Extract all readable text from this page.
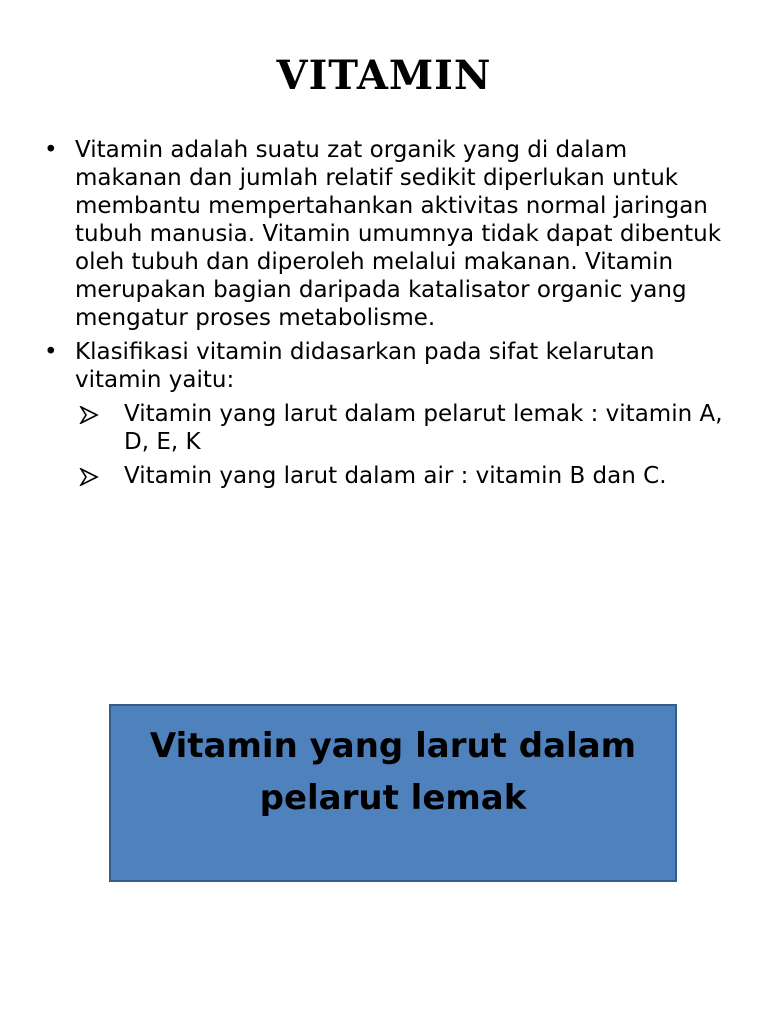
VITAMIN
• Vitamin adalah suatu zat organik yang di dalam makanan dan jumlah relatif sedikit diperlukan untuk membantu mempertahankan aktivitas normal jaringan tubuh manusia. Vitamin umumnya tidak dapat dibentuk oleh tubuh dan diperoleh melalui makanan. Vitamin merupakan bagian daripada katalisator organic yang mengatur proses metabolisme.
• Klasifikasi vitamin didasarkan pada sifat kelarutan vitamin yaitu:
Vitamin yang larut dalam pelarut lemak : vitamin A, D, E, K
Vitamin yang larut dalam air : vitamin B dan C.
Vitamin yang larut dalam
pelarut lemak
